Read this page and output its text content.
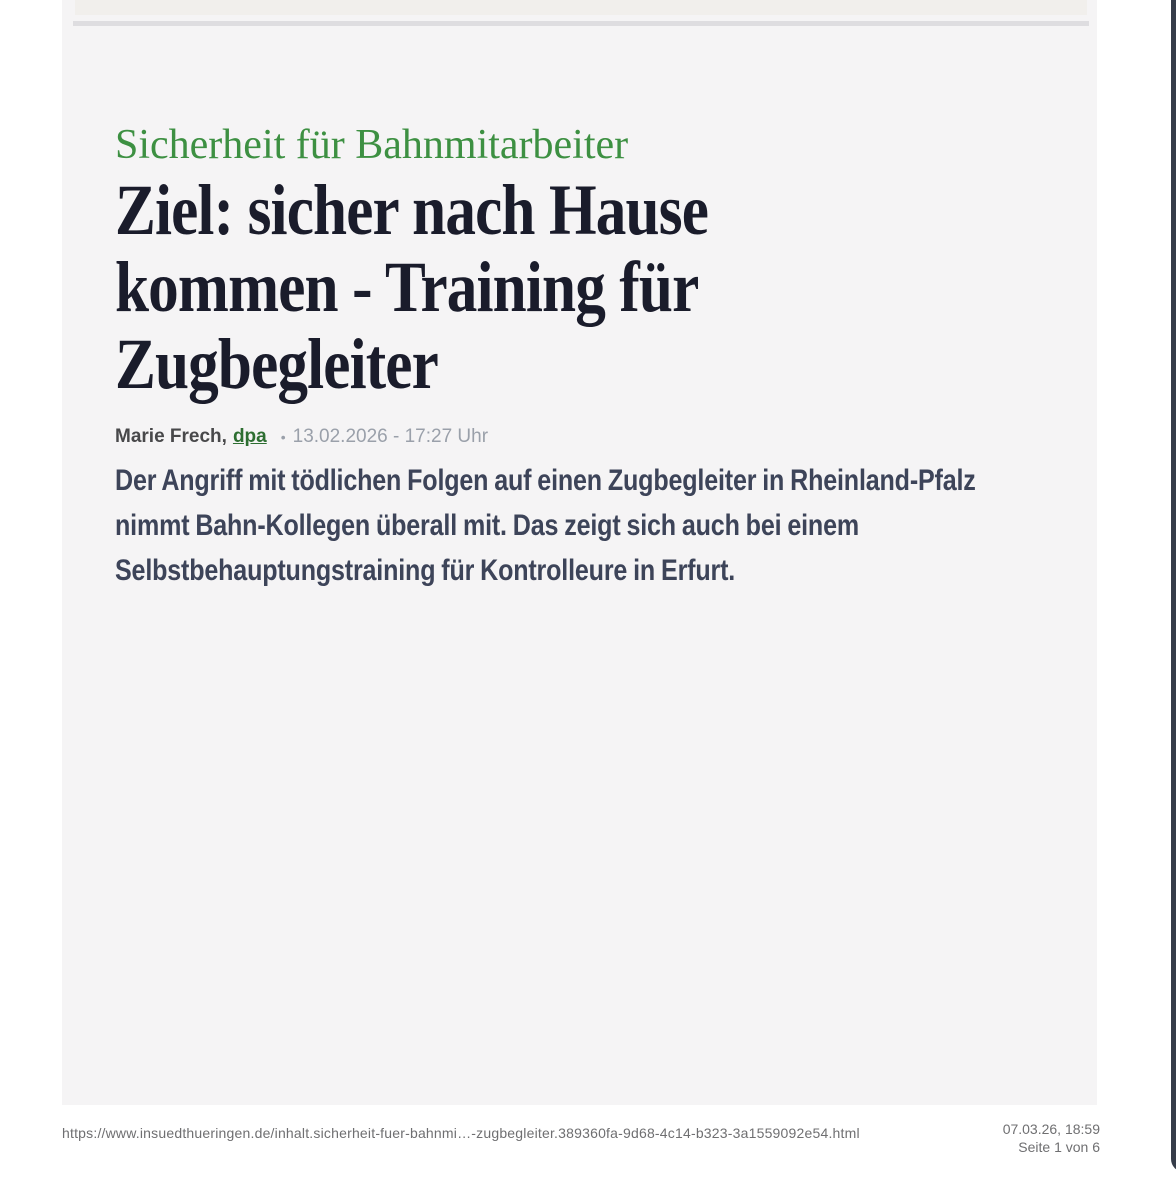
Sicherheit für Bahnmitarbeiter
Ziel: sicher nach Hause kommen - Training für Zugbegleiter
Marie Frech, dpa • 13.02.2026 - 17:27 Uhr
Der Angriff mit tödlichen Folgen auf einen Zugbegleiter in Rheinland-Pfalz nimmt Bahn-Kollegen überall mit. Das zeigt sich auch bei einem Selbstbehauptungstraining für Kontrolleure in Erfurt.
https://www.insuedthueringen.de/inhalt.sicherheit-fuer-bahnmi…-zugbegleiter.389360fa-9d68-4c14-b323-3a1559092e54.html	07.03.26, 18:59
Seite 1 von 6
